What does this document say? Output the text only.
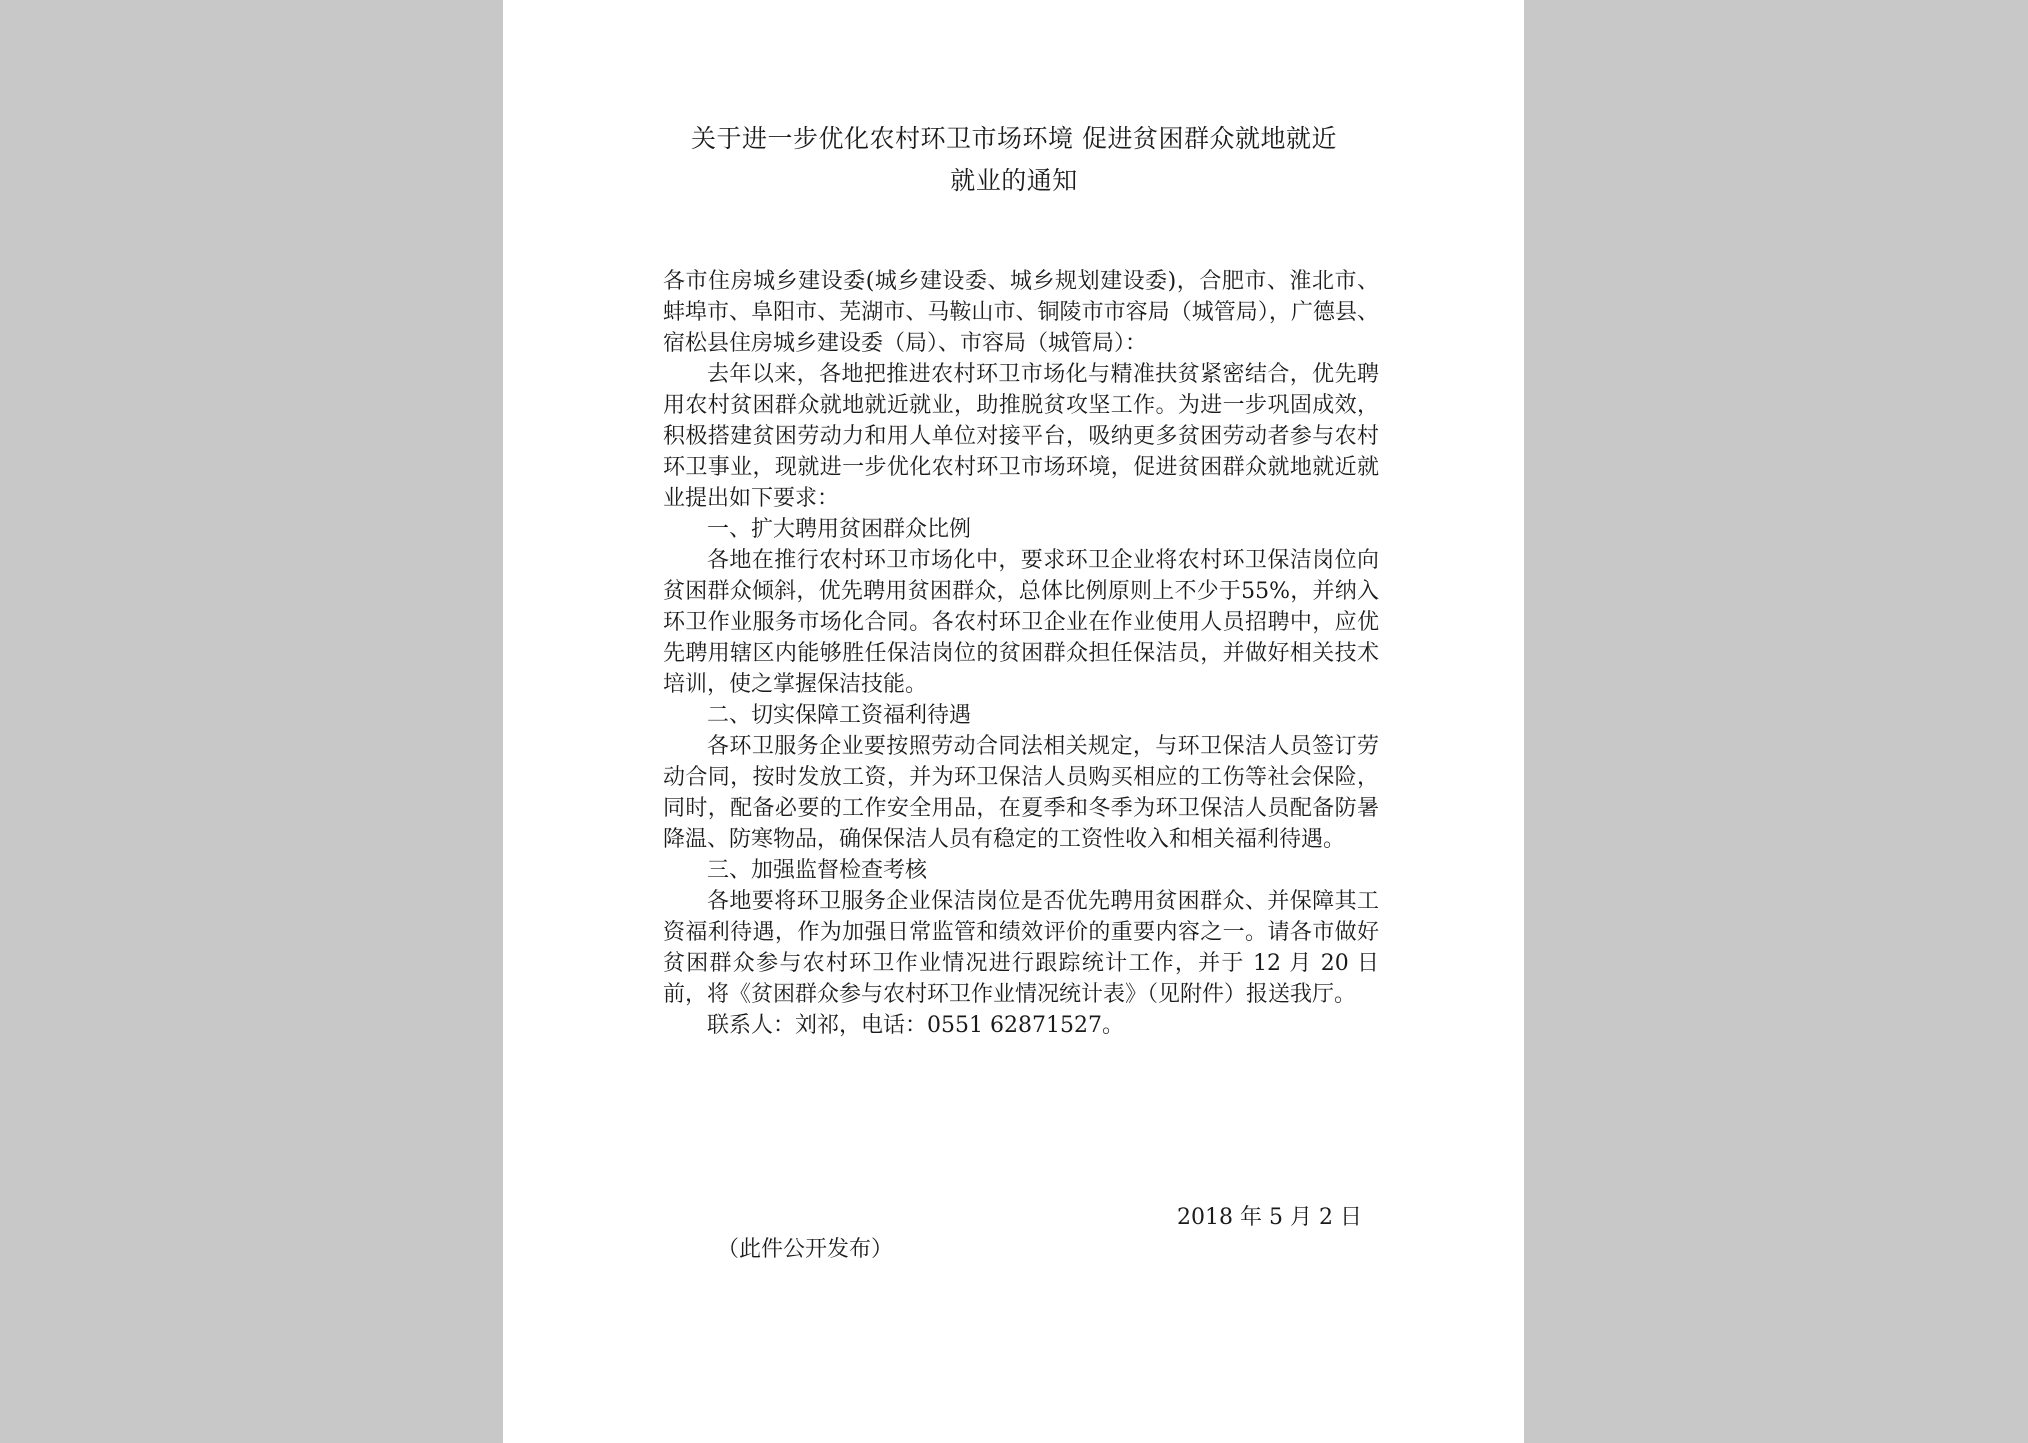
关于进一步优化农村环卫市场环境 促进贫困群众就地就近
就业的通知

各市住房城乡建设委(城乡建设委、城乡规划建设委)，合肥市、淮北市、蚌埠市、阜阳市、芜湖市、马鞍山市、铜陵市市容局（城管局），广德县、宿松县住房城乡建设委（局）、市容局（城管局）：

去年以来，各地把推进农村环卫市场化与精准扶贫紧密结合，优先聘用农村贫困群众就地就近就业，助推脱贫攻坚工作。为进一步巩固成效，积极搭建贫困劳动力和用人单位对接平台，吸纳更多贫困劳动者参与农村环卫事业，现就进一步优化农村环卫市场环境，促进贫困群众就地就近就业提出如下要求：

一、扩大聘用贫困群众比例

各地在推行农村环卫市场化中，要求环卫企业将农村环卫保洁岗位向贫困群众倾斜，优先聘用贫困群众，总体比例原则上不少于55%，并纳入环卫作业服务市场化合同。各农村环卫企业在作业使用人员招聘中，应优先聘用辖区内能够胜任保洁岗位的贫困群众担任保洁员，并做好相关技术培训，使之掌握保洁技能。

二、切实保障工资福利待遇

各环卫服务企业要按照劳动合同法相关规定，与环卫保洁人员签订劳动合同，按时发放工资，并为环卫保洁人员购买相应的工伤等社会保险，同时，配备必要的工作安全用品，在夏季和冬季为环卫保洁人员配备防暑降温、防寒物品，确保保洁人员有稳定的工资性收入和相关福利待遇。

三、加强监督检查考核

各地要将环卫服务企业保洁岗位是否优先聘用贫困群众、并保障其工资福利待遇，作为加强日常监管和绩效评价的重要内容之一。请各市做好贫困群众参与农村环卫作业情况进行跟踪统计工作，并于 12 月 20 日前，将《贫困群众参与农村环卫作业情况统计表》（见附件）报送我厅。

联系人：刘祁，电话：0551 62871527。

2018 年 5 月 2 日
（此件公开发布）
